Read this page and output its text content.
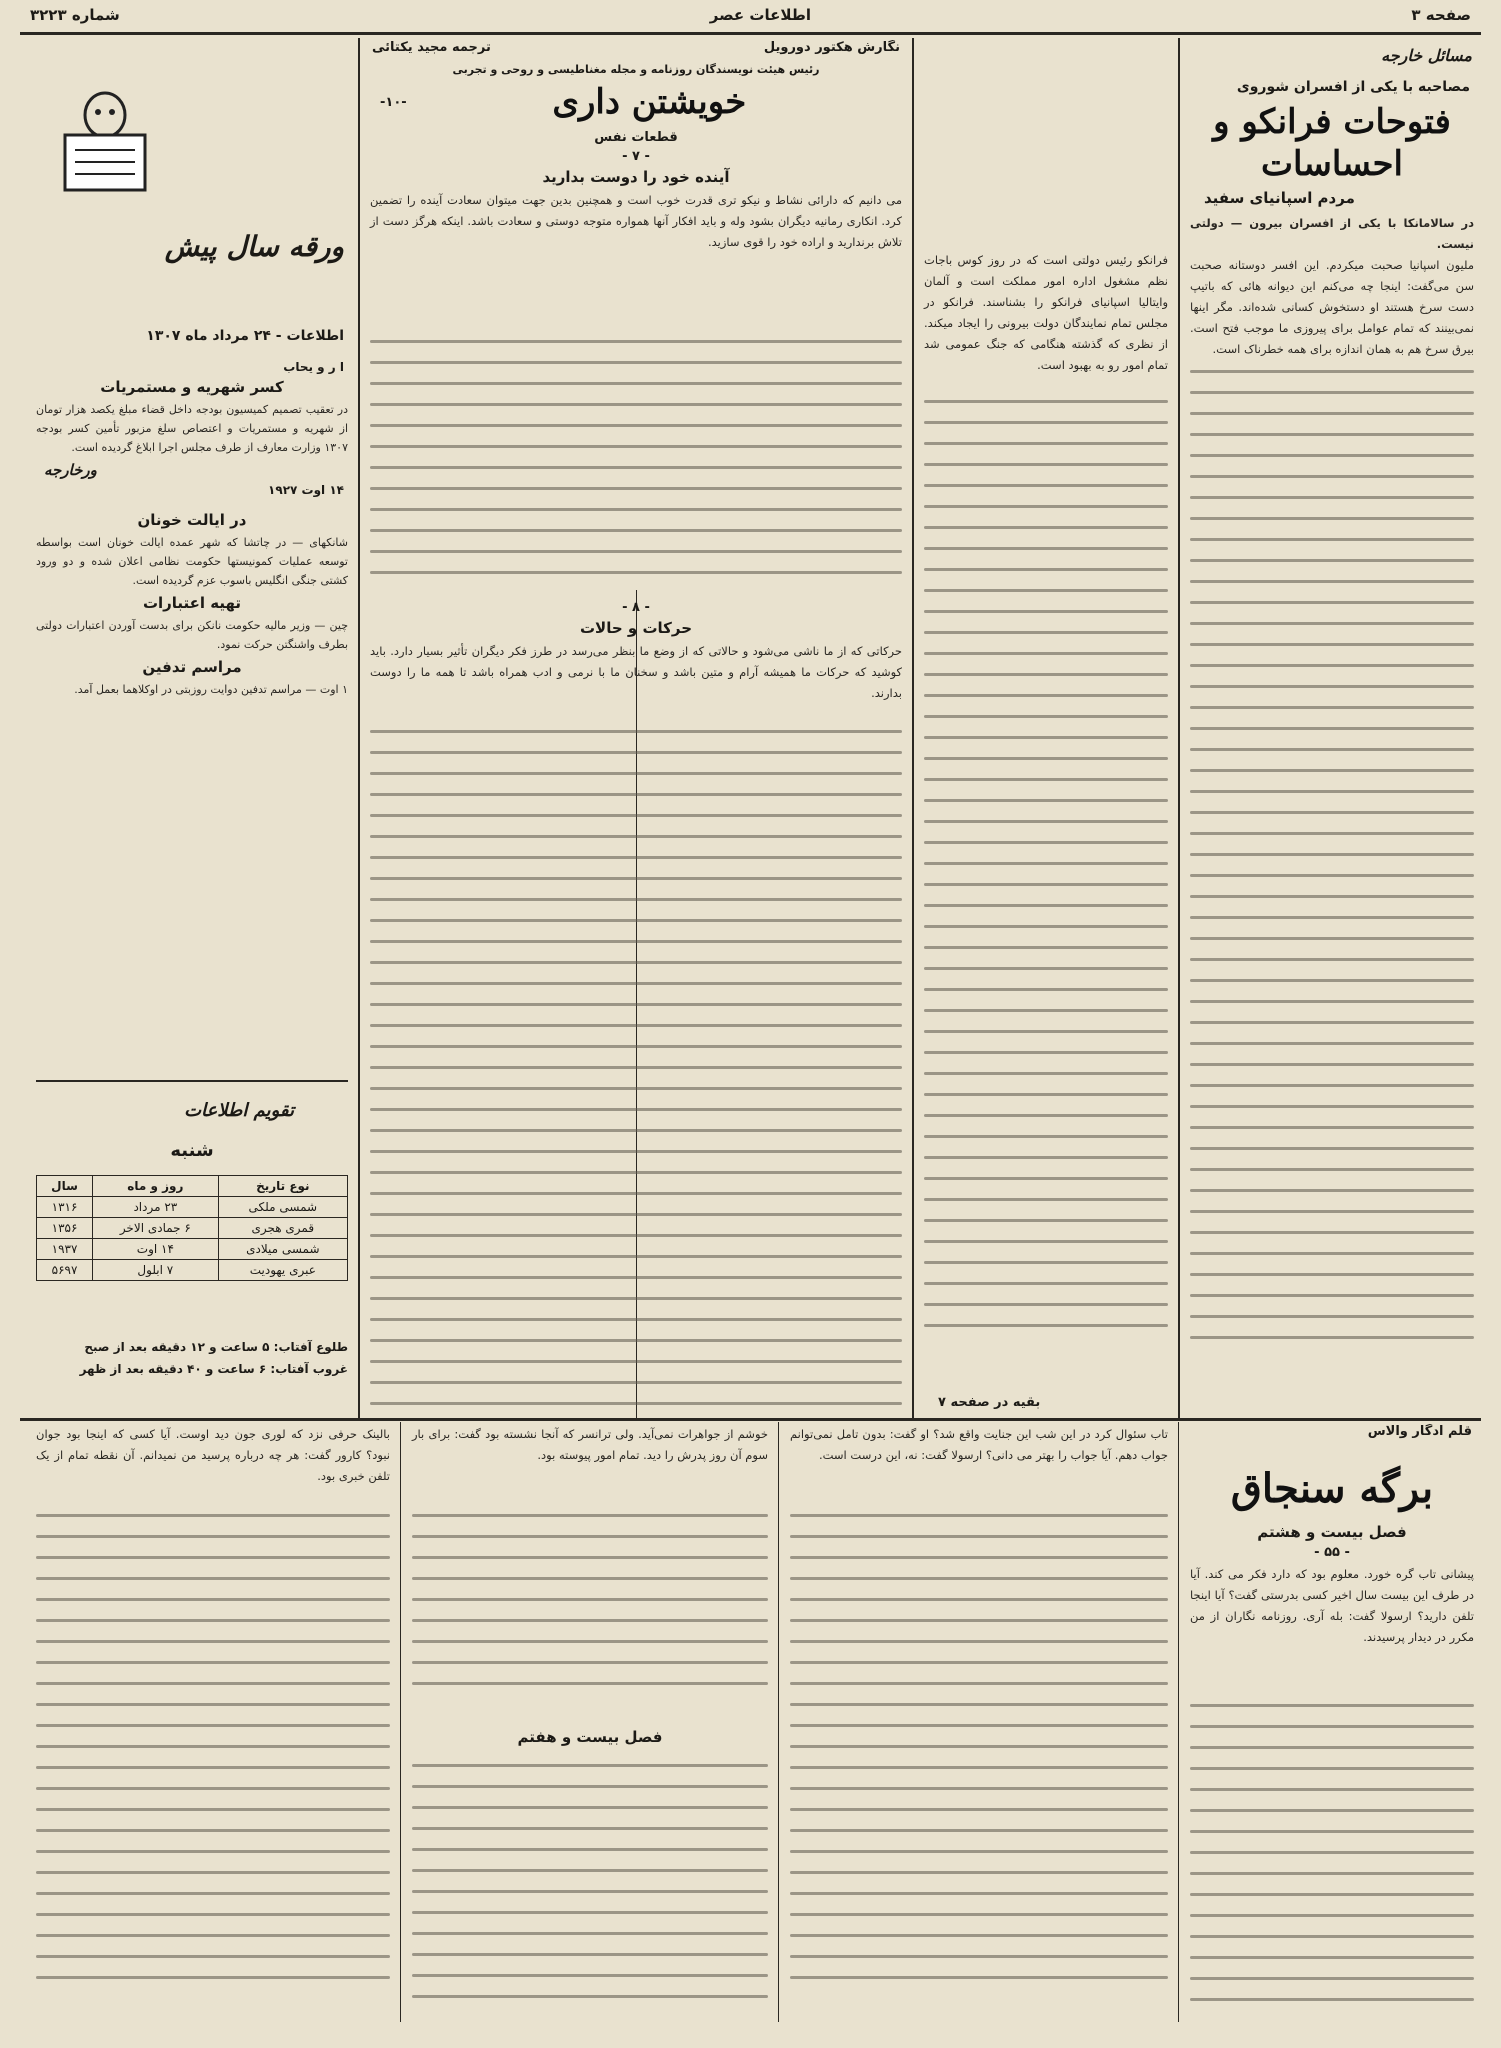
صفحه ۳
اطلاعات عصر
شماره ۳۲۲۳
مسائل خارجه
مصاحبه با یکی از افسران شوروی
فتوحات فرانکو و احساسات
مردم اسپانیای سفید
در سالامانکا با یکی از افسران بیرون — دولتی نیست.
ملیون اسپانیا صحبت میکردم. این افسر دوستانه صحبت سن می‌گفت: اینجا چه می‌کنم این دیوانه هائی که باتیپ دست سرخ هستند او دستخوش کسانی شده‌اند. مگر اینها نمی‌بینند که تمام عوامل برای پیروزی ما موجب فتح است. بیرق سرخ هم به همان اندازه برای همه خطرناک است.
فرانکو رئیس دولتی است که در روز کوس باجات نظم مشغول اداره امور مملکت است و آلمان وایتالیا اسپانیای فرانکو را بشناسند. فرانکو در مجلس تمام نمایندگان دولت بیرونی را ایجاد میکند. از نظری که گذشته هنگامی که جنگ عمومی شد تمام امور رو به بهبود است.
بقیه در صفحه ۷
نگارش هکتور دورویل
ترجمه مجید یکتائی
رئیس هیئت نویسندگان روزنامه و مجله مغناطیسی و روحی و تجربی
خویشتن داری
-۱۰-
قطعات نفس
- ۷ -
آینده خود را دوست بدارید
می دانیم که دارائی نشاط و نیکو تری قدرت خوب است و همچنین بدین جهت میتوان سعادت آینده را تضمین کرد. انکاری رمانیه دیگران بشود وله و باید افکار آنها همواره متوجه دوستی و سعادت باشد. اینکه هرگز دست از تلاش برندارید و اراده خود را قوی سازید.
- ۸ -
حرکات و حالات
حرکاتی که از ما ناشی می‌شود و حالاتی که از وضع ما بنظر می‌رسد در طرز فکر دیگران تأثیر بسیار دارد. باید کوشید که حرکات ما همیشه آرام و متین باشد و سخنان ما با نرمی و ادب همراه باشد تا همه ما را دوست بدارند.
ورقه سال پیش
اطلاعات - ۲۴ مرداد ماه ۱۳۰۷
ا ر و یحاب
کسر شهریه و مستمریات
در تعقیب تصمیم کمیسیون بودجه داخل قضاء مبلغ یکصد هزار تومان از شهریه و مستمریات و اعتصاص سلغ مزبور تأمین کسر بودجه ۱۳۰۷ وزارت معارف از طرف مجلس اجرا ابلاغ گردیده است.
ورخارجه
۱۴ اوت ۱۹۲۷
در ایالت خونان
شانکهای — در چاتشا که شهر عمده ایالت خونان است بواسطه توسعه عملیات کمونیستها حکومت نظامی اعلان شده و دو ورود کشتی جنگی انگلیس باسوب عزم گردیده است.
تهیه اعتبارات
چین — وزیر مالیه حکومت نانکن برای بدست آوردن اعتبارات دولتی بطرف واشنگتن حرکت نمود.
مراسم تدفین
۱ اوت — مراسم تدفین دوایت روزبتی در اوکلاهما بعمل آمد.
تقویم اطلاعات
شنبه
نوع تاریخ	روز و ماه	سال
شمسی ملکی	۲۳ مرداد	۱۳۱۶
قمری هجری	۶ جمادی الاخر	۱۳۵۶
شمسی میلادی	۱۴ اوت	۱۹۳۷
عبری یهودیت	۷ ابلول	۵۶۹۷
طلوع آفتاب: ۵ ساعت و ۱۲ دقیقه بعد از صبح
غروب آفتاب: ۶ ساعت و ۴۰ دقیقه بعد از ظهر
قلم ادگار والاس
برگه سنجاق
فصل بیست و هشتم
- ۵۵ -
پیشانی تاب گره خورد. معلوم بود که دارد فکر می کند. آیا در طرف این بیست سال اخیر کسی بدرستی گفت؟ آیا اینجا تلفن دارید؟ ارسولا گفت: بله آری. روزنامه نگاران از من مکرر در دیدار پرسیدند.
تاب سئوال کرد در این شب این جنایت واقع شد؟ او گفت: بدون تامل نمی‌توانم جواب دهم. آیا جواب را بهتر می دانی؟ ارسولا گفت: نه، این درست است.
خوشم از جواهرات نمی‌آید. ولی ترانسر که آنجا نشسته بود گفت: برای بار سوم آن روز پدرش را دید. تمام امور پیوسته بود.
فصل بیست و هفتم
بالینک حرفی نزد که لوری جون دید اوست. آیا کسی که اینجا بود جوان نبود؟ کارور گفت: هر چه درباره پرسید من نمیدانم. آن نقطه تمام از یک تلفن خبری بود.
